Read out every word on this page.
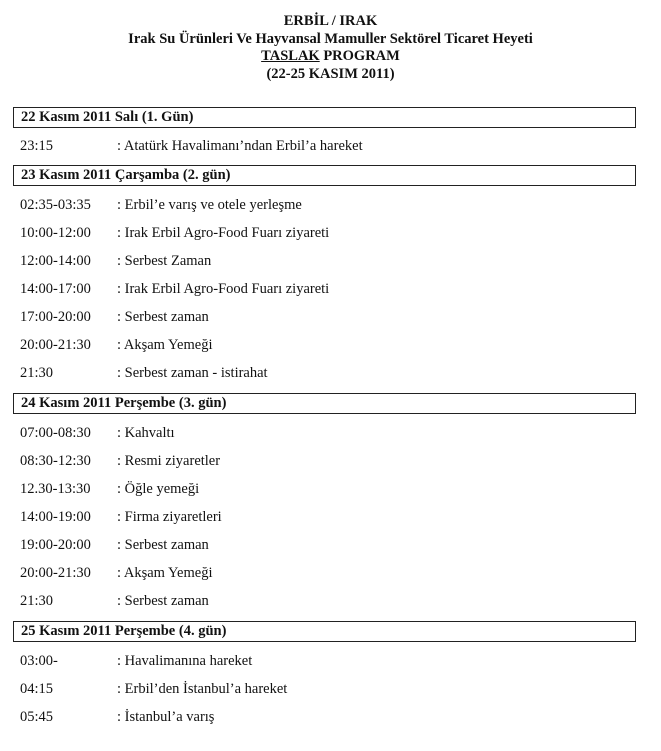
ERBİL / IRAK
Irak Su Ürünleri Ve Hayvansal Mamuller Sektörel Ticaret Heyeti
TASLAK PROGRAM
(22-25 KASIM 2011)
22 Kasım 2011 Salı (1. Gün)
23:15	: Atatürk Havalimanı’ndan Erbil’a hareket
23 Kasım 2011 Çarşamba (2. gün)
02:35-03:35 : Erbil’e varış ve otele yerleşme
10:00-12:00 : Irak Erbil Agro-Food Fuarı ziyareti
12:00-14:00 : Serbest Zaman
14:00-17:00 : Irak Erbil Agro-Food Fuarı ziyareti
17:00-20:00 : Serbest zaman
20:00-21:30 : Akşam Yemeği
21:30	: Serbest zaman - istirahat
24 Kasım 2011 Perşembe (3. gün)
07:00-08:30 : Kahvaltı
08:30-12:30 : Resmi ziyaretler
12.30-13:30 : Öğle yemeği
14:00-19:00 : Firma ziyaretleri
19:00-20:00 : Serbest zaman
20:00-21:30 : Akşam Yemeği
21:30	: Serbest zaman
25 Kasım 2011 Perşembe (4. gün)
03:00-	: Havalimanına hareket
04:15	: Erbil’den İstanbul’a hareket
05:45	: İstanbul’a varış
